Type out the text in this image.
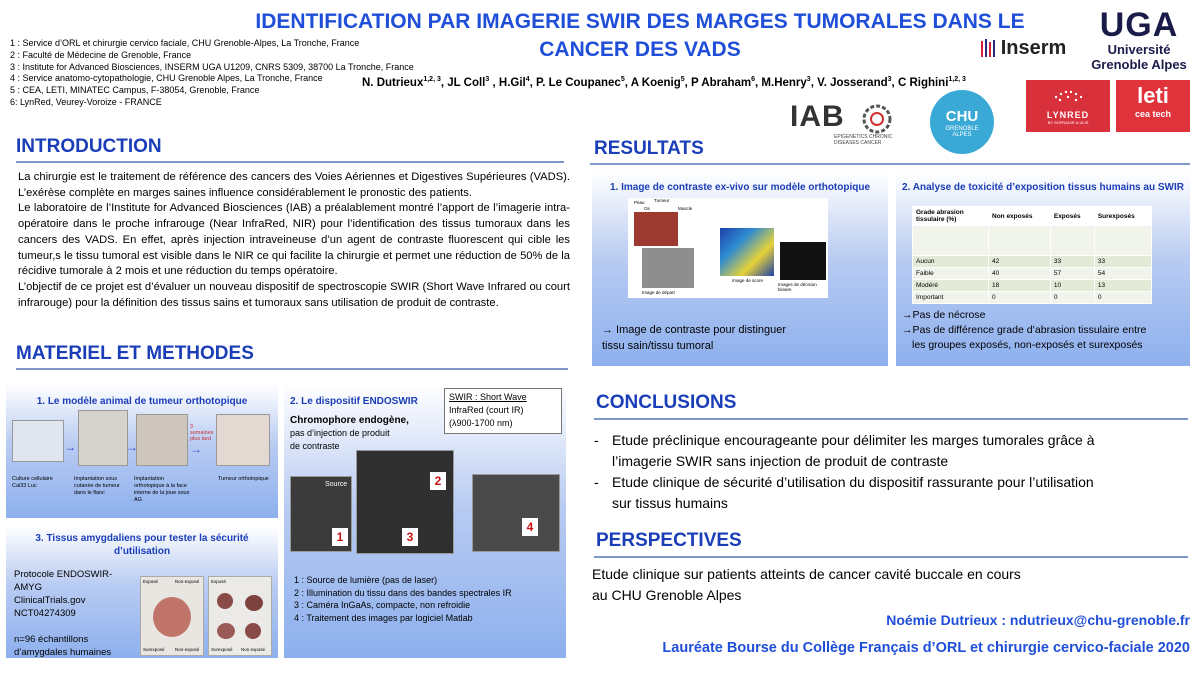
IDENTIFICATION PAR IMAGERIE SWIR DES MARGES TUMORALES DANS LE CANCER DES VADS
1 : Service d’ORL et chirurgie cervico faciale, CHU Grenoble-Alpes, La Tronche, France
2 : Faculté de Médecine de Grenoble, France
3 : Institute for Advanced Biosciences, INSERM UGA U1209, CNRS 5309, 38700 La Tronche, France
4 : Service anatomo-cytopathologie, CHU Grenoble Alpes, La Tronche, France
5 : CEA, LETI, MINATEC Campus, F-38054, Grenoble, France
6: LynRed, Veurey-Voroize - FRANCE
N. Dutrieux$^{1,2, 3}$, JL Coll$^3$ , H.Gil$^4$, P. Le Coupanec$^5$, A Koenig$^5$, P Abraham$^6$, M.Henry$^3$, V. Josserand$^3$, C Righini$^{1,2, 3}$
Inserm
UGA
Université
Grenoble Alpes
IAB
EPIGENETICS CHRONIC DISEASES CANCER
CHU
GRENOBLE ALPES
LYNRED
BY SOFRADIR & ULIS
leti
cea tech
INTRODUCTION

La chirurgie est le traitement de référence des cancers des Voies Aériennes et Digestives Supérieures (VADS). L’exérèse complète en marges saines influence considérablement le pronostic des patients.

Le laboratoire de l’Institute for Advanced Biosciences (IAB) a préalablement montré l’apport de l’imagerie intra-opératoire dans le proche infrarouge (Near InfraRed, NIR) pour l’identification des tissus tumoraux dans les cancers des VADS. En effet, après injection intraveineuse d’un agent de contraste fluorescent qui cible les tumeur,s le tissu tumoral est visible dans le NIR ce qui facilite la chirurgie et permet une réduction de 50% de la récidive tumorale à 2 mois et une réduction du temps opératoire.

L’objectif de ce projet est d’évaluer un nouveau dispositif de spectroscopie SWIR (Short Wave Infrared ou court infrarouge) pour la définition des tissus sains et tumoraux sans utilisation de produit de contraste.

MATERIEL ET METHODES
1. Le modèle animal de tumeur orthotopique
→	→
3 semaines plus tard
→
Culture cellulaire Cal33 Luc
Implantation sous cutanée de tumeur dans le flanc
Implantation orthotopique à la face interne de la joue sous AG
Tumeur orthotopique
2. Le dispositif ENDOSWIR	SWIR : Short Wave
InfraRed (court IR)
(λ900-1700 nm)
Chromophore endogène,
pas d’injection de produit
de contraste
Source
1
2
3
4
1 : Source de lumière (pas de laser)
2 : Illumination du tissu dans des bandes spectrales IR
3 : Caméra InGaAs, compacte, non refroidie
4 : Traitement des images par logiciel Matlab
3. Tissus amygdaliens pour tester la sécurité d’utilisation
Protocole ENDOSWIR-AMYG
ClinicalTrials.gov
NCT04274309
n=96 échantillons
d’amygdales humaines
Exposé	Non-exposé
Surexposé Non-exposé
Exposé
Surexposé Non exposé
RESULTATS
1. Image de contraste ex-vivo sur modèle orthotopique
Peau Tumeur
Os	Muscle
Image de départ
Image de score
Images de décision binaire
→ Image de contraste pour distinguer
tissu sain/tissu tumoral
2. Analyse de toxicité d’exposition tissus humains au SWIR
Grade abrasion tissulaire (%)	Non exposés	Exposés	Surexposés

Aucun	42	33	33
Faible	40	57	54
Modéré	18	10	13
Important	0	0	0
→Pas de nécrose
→Pas de différence grade d’abrasion tissulaire entre
les groupes exposés, non-exposés et surexposés
CONCLUSIONS
- Etude préclinique encourageante pour délimiter les marges tumorales grâce à
l’imagerie SWIR sans injection de produit de contraste
- Etude clinique de sécurité d’utilisation du dispositif rassurante pour l’utilisation
sur tissus humains
PERSPECTIVES
Etude clinique sur patients atteints de cancer cavité buccale en cours
au CHU Grenoble Alpes
Noémie Dutrieux : ndutrieux@chu-grenoble.fr
Lauréate Bourse du Collège Français d’ORL et chirurgie cervico-faciale 2020
